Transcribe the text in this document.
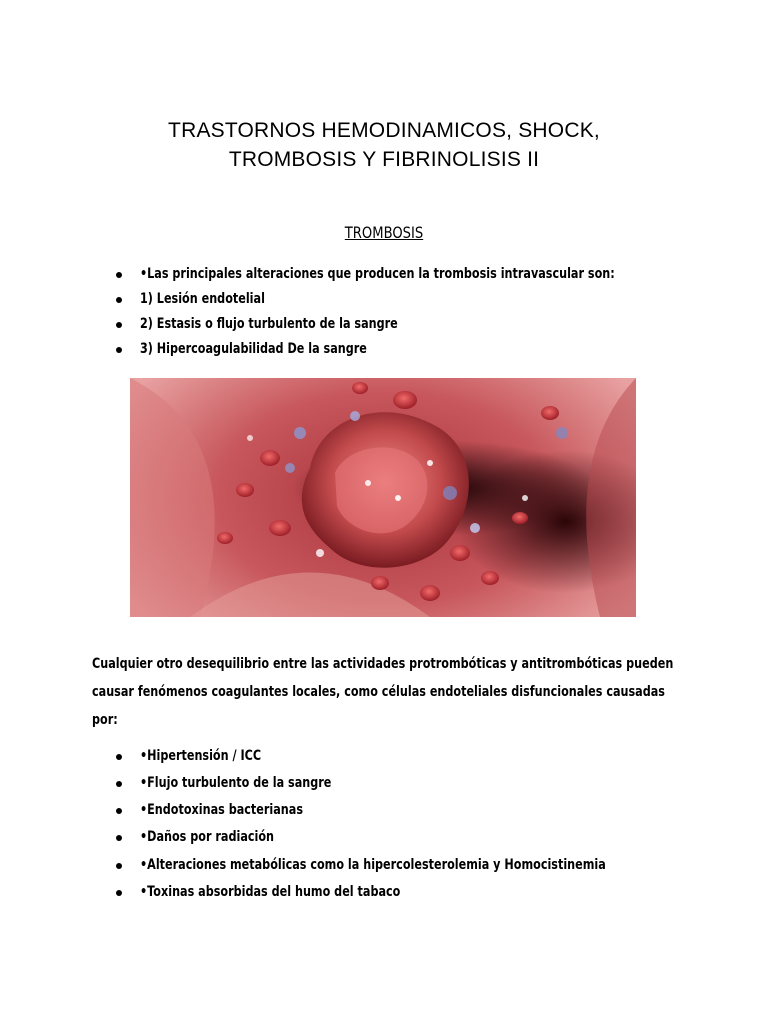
TRASTORNOS HEMODINAMICOS, SHOCK,
TROMBOSIS Y FIBRINOLISIS II
TROMBOSIS
•Las principales alteraciones que producen la trombosis intravascular son:
1) Lesión endotelial
2) Estasis o flujo turbulento de la sangre
3) Hipercoagulabilidad De la sangre
Cualquier otro desequilibrio entre las actividades protrombóticas y antitrombóticas pueden
causar fenómenos coagulantes locales, como células endoteliales disfuncionales causadas
por:
•Hipertensión / ICC
•Flujo turbulento de la sangre
•Endotoxinas bacterianas
•Daños por radiación
•Alteraciones metabólicas como la hipercolesterolemia y Homocistinemia
•Toxinas absorbidas del humo del tabaco
